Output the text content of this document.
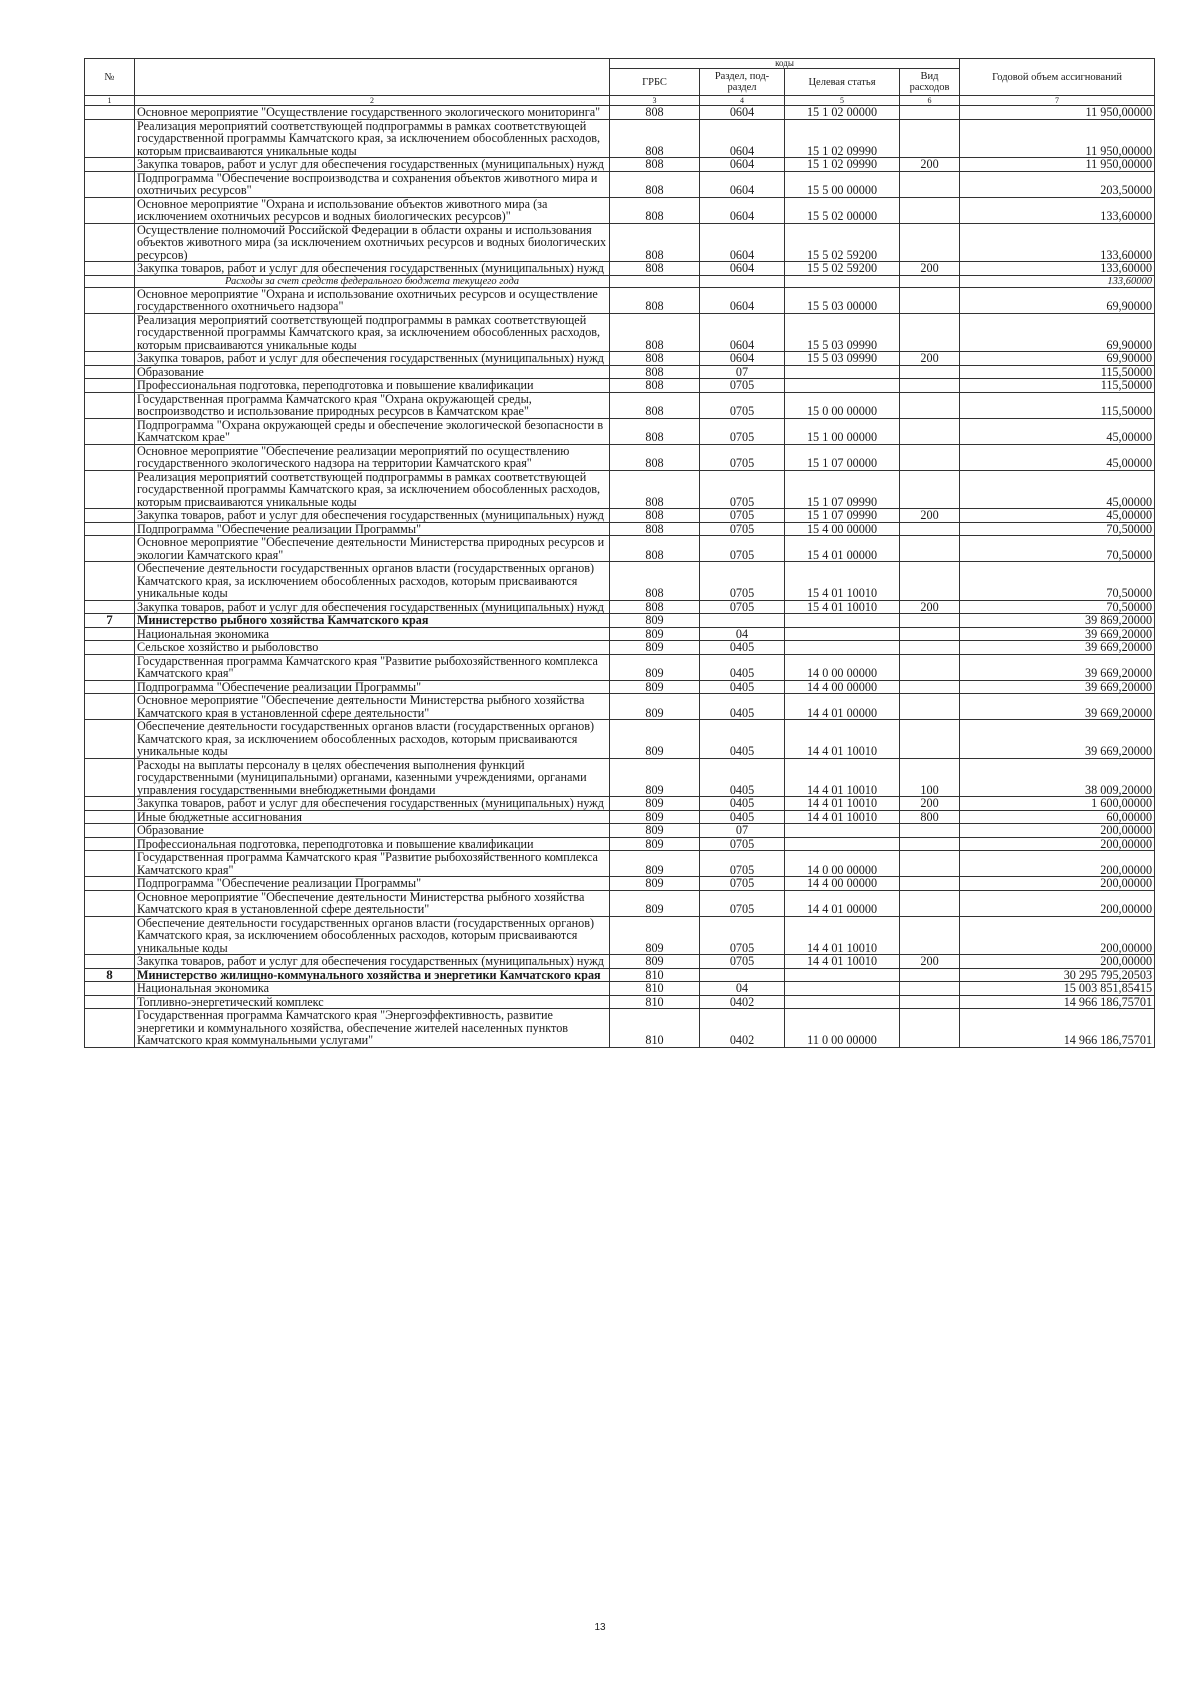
№		коды				Годовой объем ассигнований
		ГРБС	Раздел, под-раздел	Целевая статья	Вид расходов	
1	2	3	4	5	6	7
	Основное мероприятие "Осуществление государственного экологического мониторинга"	808	0604	15 1 02 00000		11 950,00000
	Реализация мероприятий соответствующей подпрограммы в рамках соответствующей государственной программы Камчатского края, за исключением обособленных расходов, которым присваиваются уникальные коды	808	0604	15 1 02 09990		11 950,00000
	Закупка товаров, работ и услуг для обеспечения государственных (муниципальных) нужд	808	0604	15 1 02 09990	200	11 950,00000
	Подпрограмма "Обеспечение воспроизводства и сохранения объектов животного мира и охотничьих ресурсов"	808	0604	15 5 00 00000		203,50000
	Основное мероприятие "Охрана и использование объектов животного мира (за исключением охотничьих ресурсов и водных биологических ресурсов)"	808	0604	15 5 02 00000		133,60000
	Осуществление полномочий Российской Федерации в области охраны и использования объектов животного мира (за исключением охотничьих ресурсов и водных биологических ресурсов)	808	0604	15 5 02 59200		133,60000
	Закупка товаров, работ и услуг для обеспечения государственных (муниципальных) нужд	808	0604	15 5 02 59200	200	133,60000
	Расходы за счет средств федерального бюджета текущего года					133,60000
	Основное мероприятие "Охрана и использование охотничьих ресурсов и осуществление государственного охотничьего надзора"	808	0604	15 5 03 00000		69,90000
	Реализация мероприятий соответствующей подпрограммы в рамках соответствующей государственной программы Камчатского края, за исключением обособленных расходов, которым присваиваются уникальные коды	808	0604	15 5 03 09990		69,90000
	Закупка товаров, работ и услуг для обеспечения государственных (муниципальных) нужд	808	0604	15 5 03 09990	200	69,90000
	Образование	808	07			115,50000
	Профессиональная подготовка, переподготовка и повышение квалификации	808	0705			115,50000
	Государственная программа Камчатского края "Охрана окружающей среды, воспроизводство и использование природных ресурсов в Камчатском крае"	808	0705	15 0 00 00000		115,50000
	Подпрограмма "Охрана окружающей среды и обеспечение экологической безопасности в Камчатском крае"	808	0705	15 1 00 00000		45,00000
	Основное мероприятие "Обеспечение реализации мероприятий по осуществлению государственного экологического надзора на территории Камчатского края"	808	0705	15 1 07 00000		45,00000
	Реализация мероприятий соответствующей подпрограммы в рамках соответствующей государственной программы Камчатского края, за исключением обособленных расходов, которым присваиваются уникальные коды	808	0705	15 1 07 09990		45,00000
	Закупка товаров, работ и услуг для обеспечения государственных (муниципальных) нужд	808	0705	15 1 07 09990	200	45,00000
	Подпрограмма "Обеспечение реализации Программы"	808	0705	15 4 00 00000		70,50000
	Основное мероприятие "Обеспечение деятельности Министерства природных ресурсов и экологии Камчатского края"	808	0705	15 4 01 00000		70,50000
	Обеспечение деятельности государственных органов власти (государственных органов) Камчатского края, за исключением обособленных расходов, которым присваиваются уникальные коды	808	0705	15 4 01 10010		70,50000
	Закупка товаров, работ и услуг для обеспечения государственных (муниципальных) нужд	808	0705	15 4 01 10010	200	70,50000
7	Министерство рыбного хозяйства Камчатского края	809				39 869,20000
	Национальная экономика	809	04			39 669,20000
	Сельское хозяйство и рыболовство	809	0405			39 669,20000
	Государственная программа Камчатского края "Развитие рыбохозяйственного комплекса Камчатского края"	809	0405	14 0 00 00000		39 669,20000
	Подпрограмма "Обеспечение реализации Программы"	809	0405	14 4 00 00000		39 669,20000
	Основное мероприятие "Обеспечение деятельности Министерства рыбного хозяйства Камчатского края в установленной сфере деятельности"	809	0405	14 4 01 00000		39 669,20000
	Обеспечение деятельности государственных органов власти (государственных органов) Камчатского края, за исключением обособленных расходов, которым присваиваются уникальные коды	809	0405	14 4 01 10010		39 669,20000
	Расходы на выплаты персоналу в целях обеспечения выполнения функций государственными (муниципальными) органами, казенными учреждениями, органами управления государственными внебюджетными фондами	809	0405	14 4 01 10010	100	38 009,20000
	Закупка товаров, работ и услуг для обеспечения государственных (муниципальных) нужд	809	0405	14 4 01 10010	200	1 600,00000
	Иные бюджетные ассигнования	809	0405	14 4 01 10010	800	60,00000
	Образование	809	07			200,00000
	Профессиональная подготовка, переподготовка и повышение квалификации	809	0705			200,00000
	Государственная программа Камчатского края "Развитие рыбохозяйственного комплекса Камчатского края"	809	0705	14 0 00 00000		200,00000
	Подпрограмма "Обеспечение реализации Программы"	809	0705	14 4 00 00000		200,00000
	Основное мероприятие "Обеспечение деятельности Министерства рыбного хозяйства Камчатского края в установленной сфере деятельности"	809	0705	14 4 01 00000		200,00000
	Обеспечение деятельности государственных органов власти (государственных органов) Камчатского края, за исключением обособленных расходов, которым присваиваются уникальные коды	809	0705	14 4 01 10010		200,00000
	Закупка товаров, работ и услуг для обеспечения государственных (муниципальных) нужд	809	0705	14 4 01 10010	200	200,00000
8	Министерство жилищно-коммунального хозяйства и энергетики Камчатского края	810				30 295 795,20503
	Национальная экономика	810	04			15 003 851,85415
	Топливно-энергетический комплекс	810	0402			14 966 186,75701
	Государственная программа Камчатского края "Энергоэффективность, развитие энергетики и коммунального хозяйства, обеспечение жителей населенных пунктов Камчатского края коммунальными услугами"	810	0402	11 0 00 00000		14 966 186,75701
13
